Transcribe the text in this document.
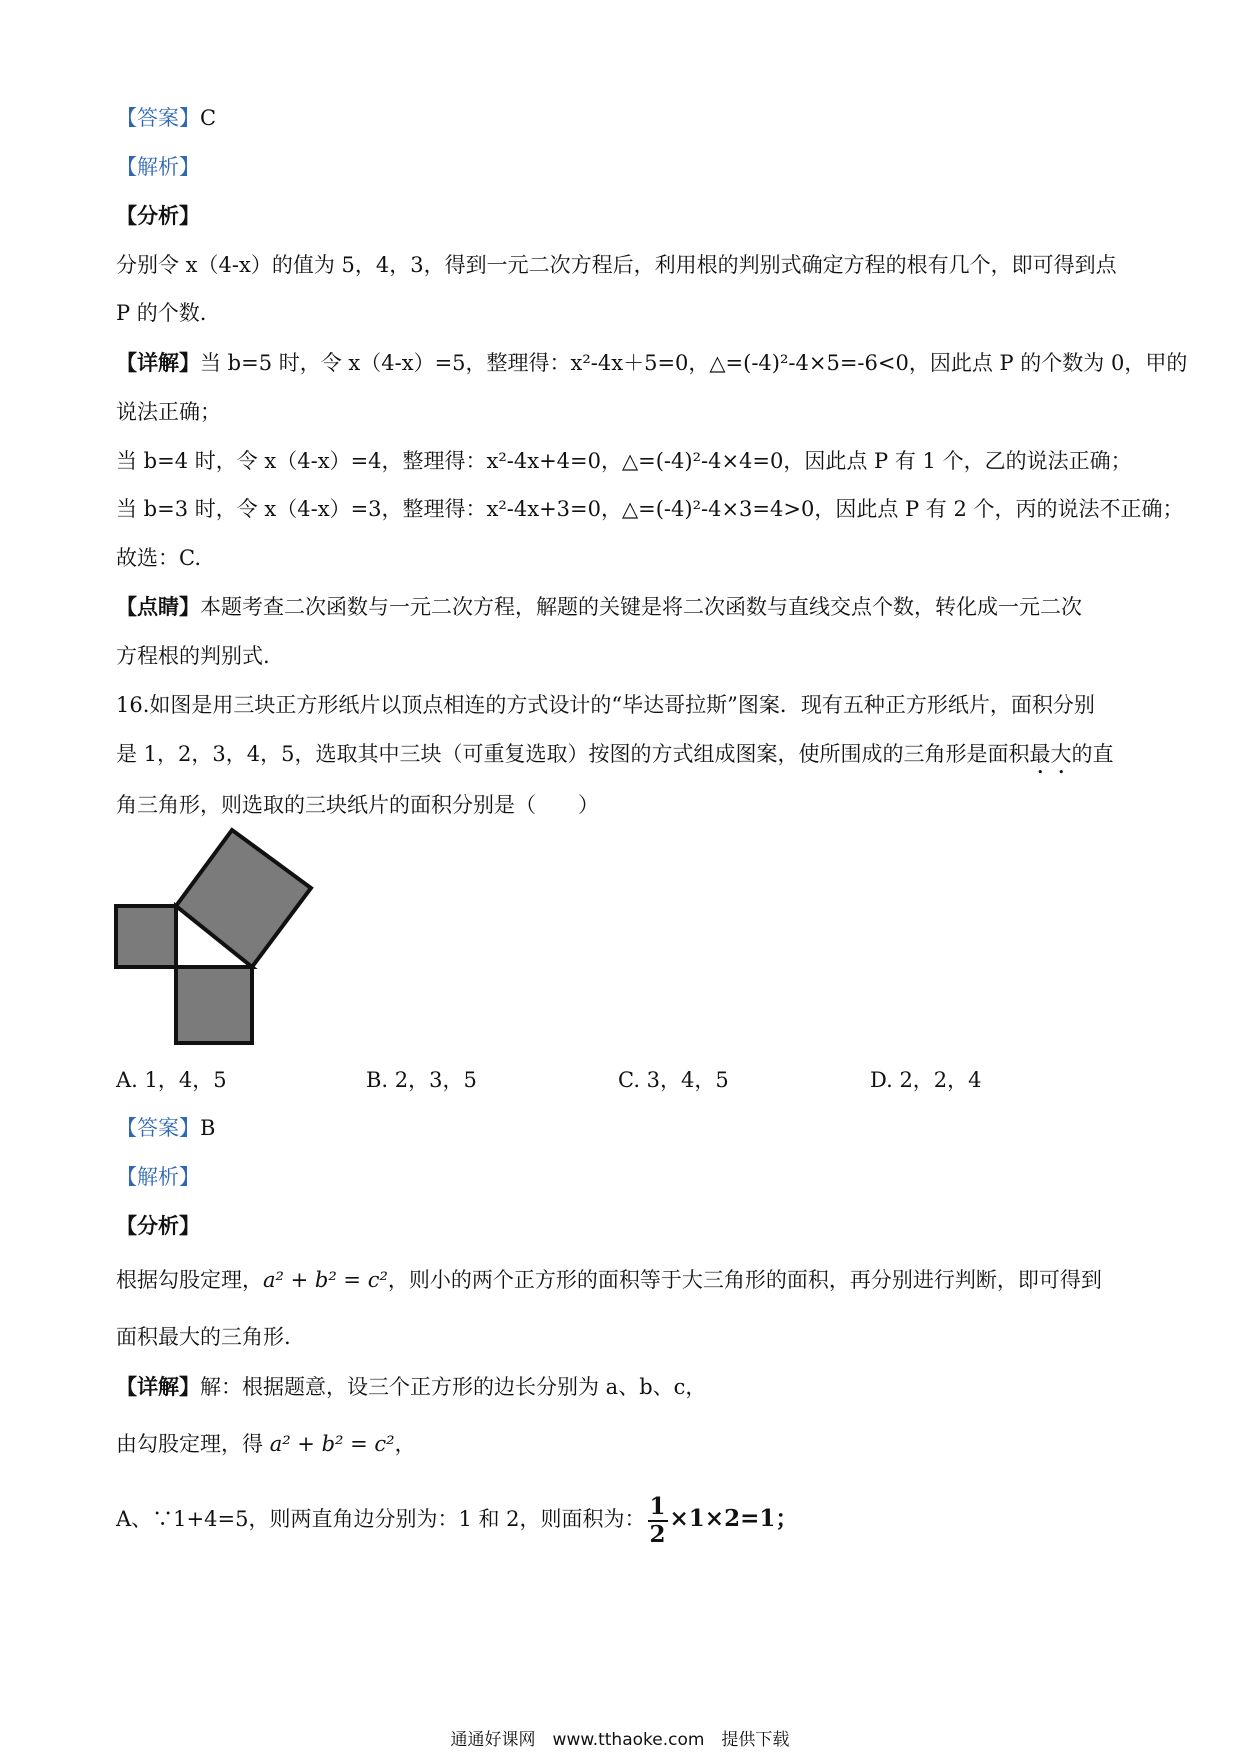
【答案】C
【解析】
【分析】
分别令 x（4-x）的值为 5，4，3，得到一元二次方程后，利用根的判别式确定方程的根有几个，即可得到点
P 的个数.
【详解】当 b=5 时，令 x（4-x）=5，整理得：x²-4x＋5=0，△=(-4)²-4×5=-6<0，因此点 P 的个数为 0，甲的
说法正确；
当 b=4 时，令 x（4-x）=4，整理得：x²-4x+4=0，△=(-4)²-4×4=0，因此点 P 有 1 个，乙的说法正确；
当 b=3 时，令 x（4-x）=3，整理得：x²-4x+3=0，△=(-4)²-4×3=4>0，因此点 P 有 2 个，丙的说法不正确；
故选：C.
【点睛】本题考查二次函数与一元二次方程，解题的关键是将二次函数与直线交点个数，转化成一元二次
方程根的判别式.
16.如图是用三块正方形纸片以顶点相连的方式设计的“毕达哥拉斯”图案．现有五种正方形纸片，面积分别
是 1，2，3，4，5，选取其中三块（可重复选取）按图的方式组成图案，使所围成的三角形是面积最大的直
角三角形，则选取的三块纸片的面积分别是（　　）
A. 1，4，5	B. 2，3，5	C. 3，4，5	D. 2，2，4
【答案】B
【解析】
【分析】
根据勾股定理，a² + b² = c²，则小的两个正方形的面积等于大三角形的面积，再分别进行判断，即可得到
面积最大的三角形.
【详解】解：根据题意，设三个正方形的边长分别为 a、b、c，
由勾股定理，得 a² + b² = c²，
A、∵1+4=5，则两直角边分别为：1 和 2，则面积为： $\frac{1}{2} \times 1\times 2=1$；
通通好课网　www.tthaoke.com　提供下载
